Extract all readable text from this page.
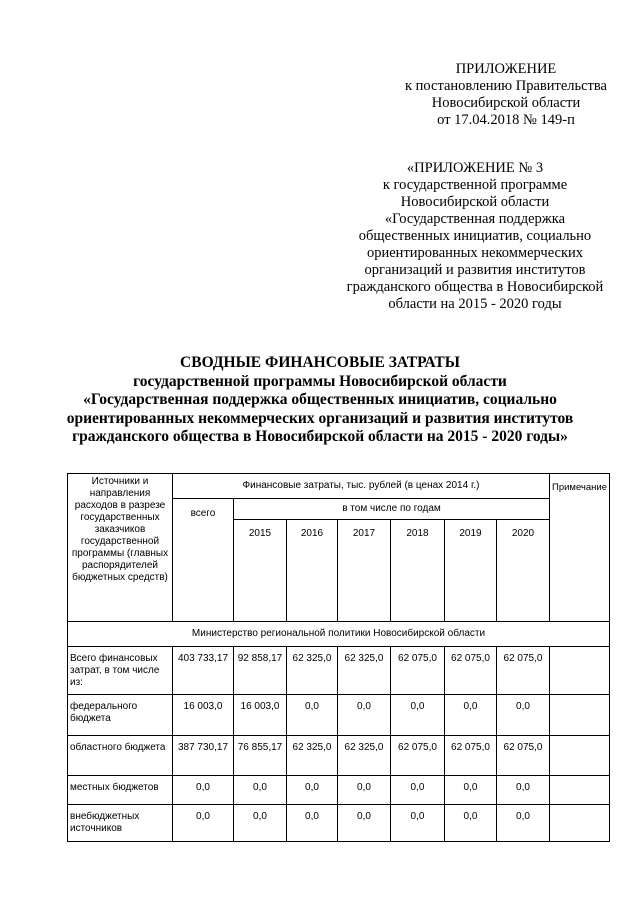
ПРИЛОЖЕНИЕ
к постановлению Правительства
Новосибирской области
от 17.04.2018 № 149-п
«ПРИЛОЖЕНИЕ № 3
к государственной программе
Новосибирской области
«Государственная поддержка
общественных инициатив, социально
ориентированных некоммерческих
организаций и развития институтов
гражданского общества в Новосибирской
области на 2015 - 2020 годы
СВОДНЫЕ ФИНАНСОВЫЕ ЗАТРАТЫ
государственной программы Новосибирской области
«Государственная поддержка общественных инициатив, социально
ориентированных некоммерческих организаций и развития институтов
гражданского общества в Новосибирской области на 2015 - 2020 годы»
Источники и направления расходов в разрезе государственных заказчиков государственной программы (главных распорядителей бюджетных средств)	Финансовые затраты, тыс. рублей (в ценах 2014 г.)							Примечание
	всего	в том числе по годам						
		2015	2016	2017	2018	2019	2020	
Министерство региональной политики Новосибирской области								
Всего финансовых затрат, в том числе из:	403 733,17	92 858,17	62 325,0	62 325,0	62 075,0	62 075,0	62 075,0	
федерального бюджета	16 003,0	16 003,0	0,0	0,0	0,0	0,0	0,0	
областного бюджета	387 730,17	76 855,17	62 325,0	62 325,0	62 075,0	62 075,0	62 075,0	
местных бюджетов	0,0	0,0	0,0	0,0	0,0	0,0	0,0	
внебюджетных источников	0,0	0,0	0,0	0,0	0,0	0,0	0,0	
